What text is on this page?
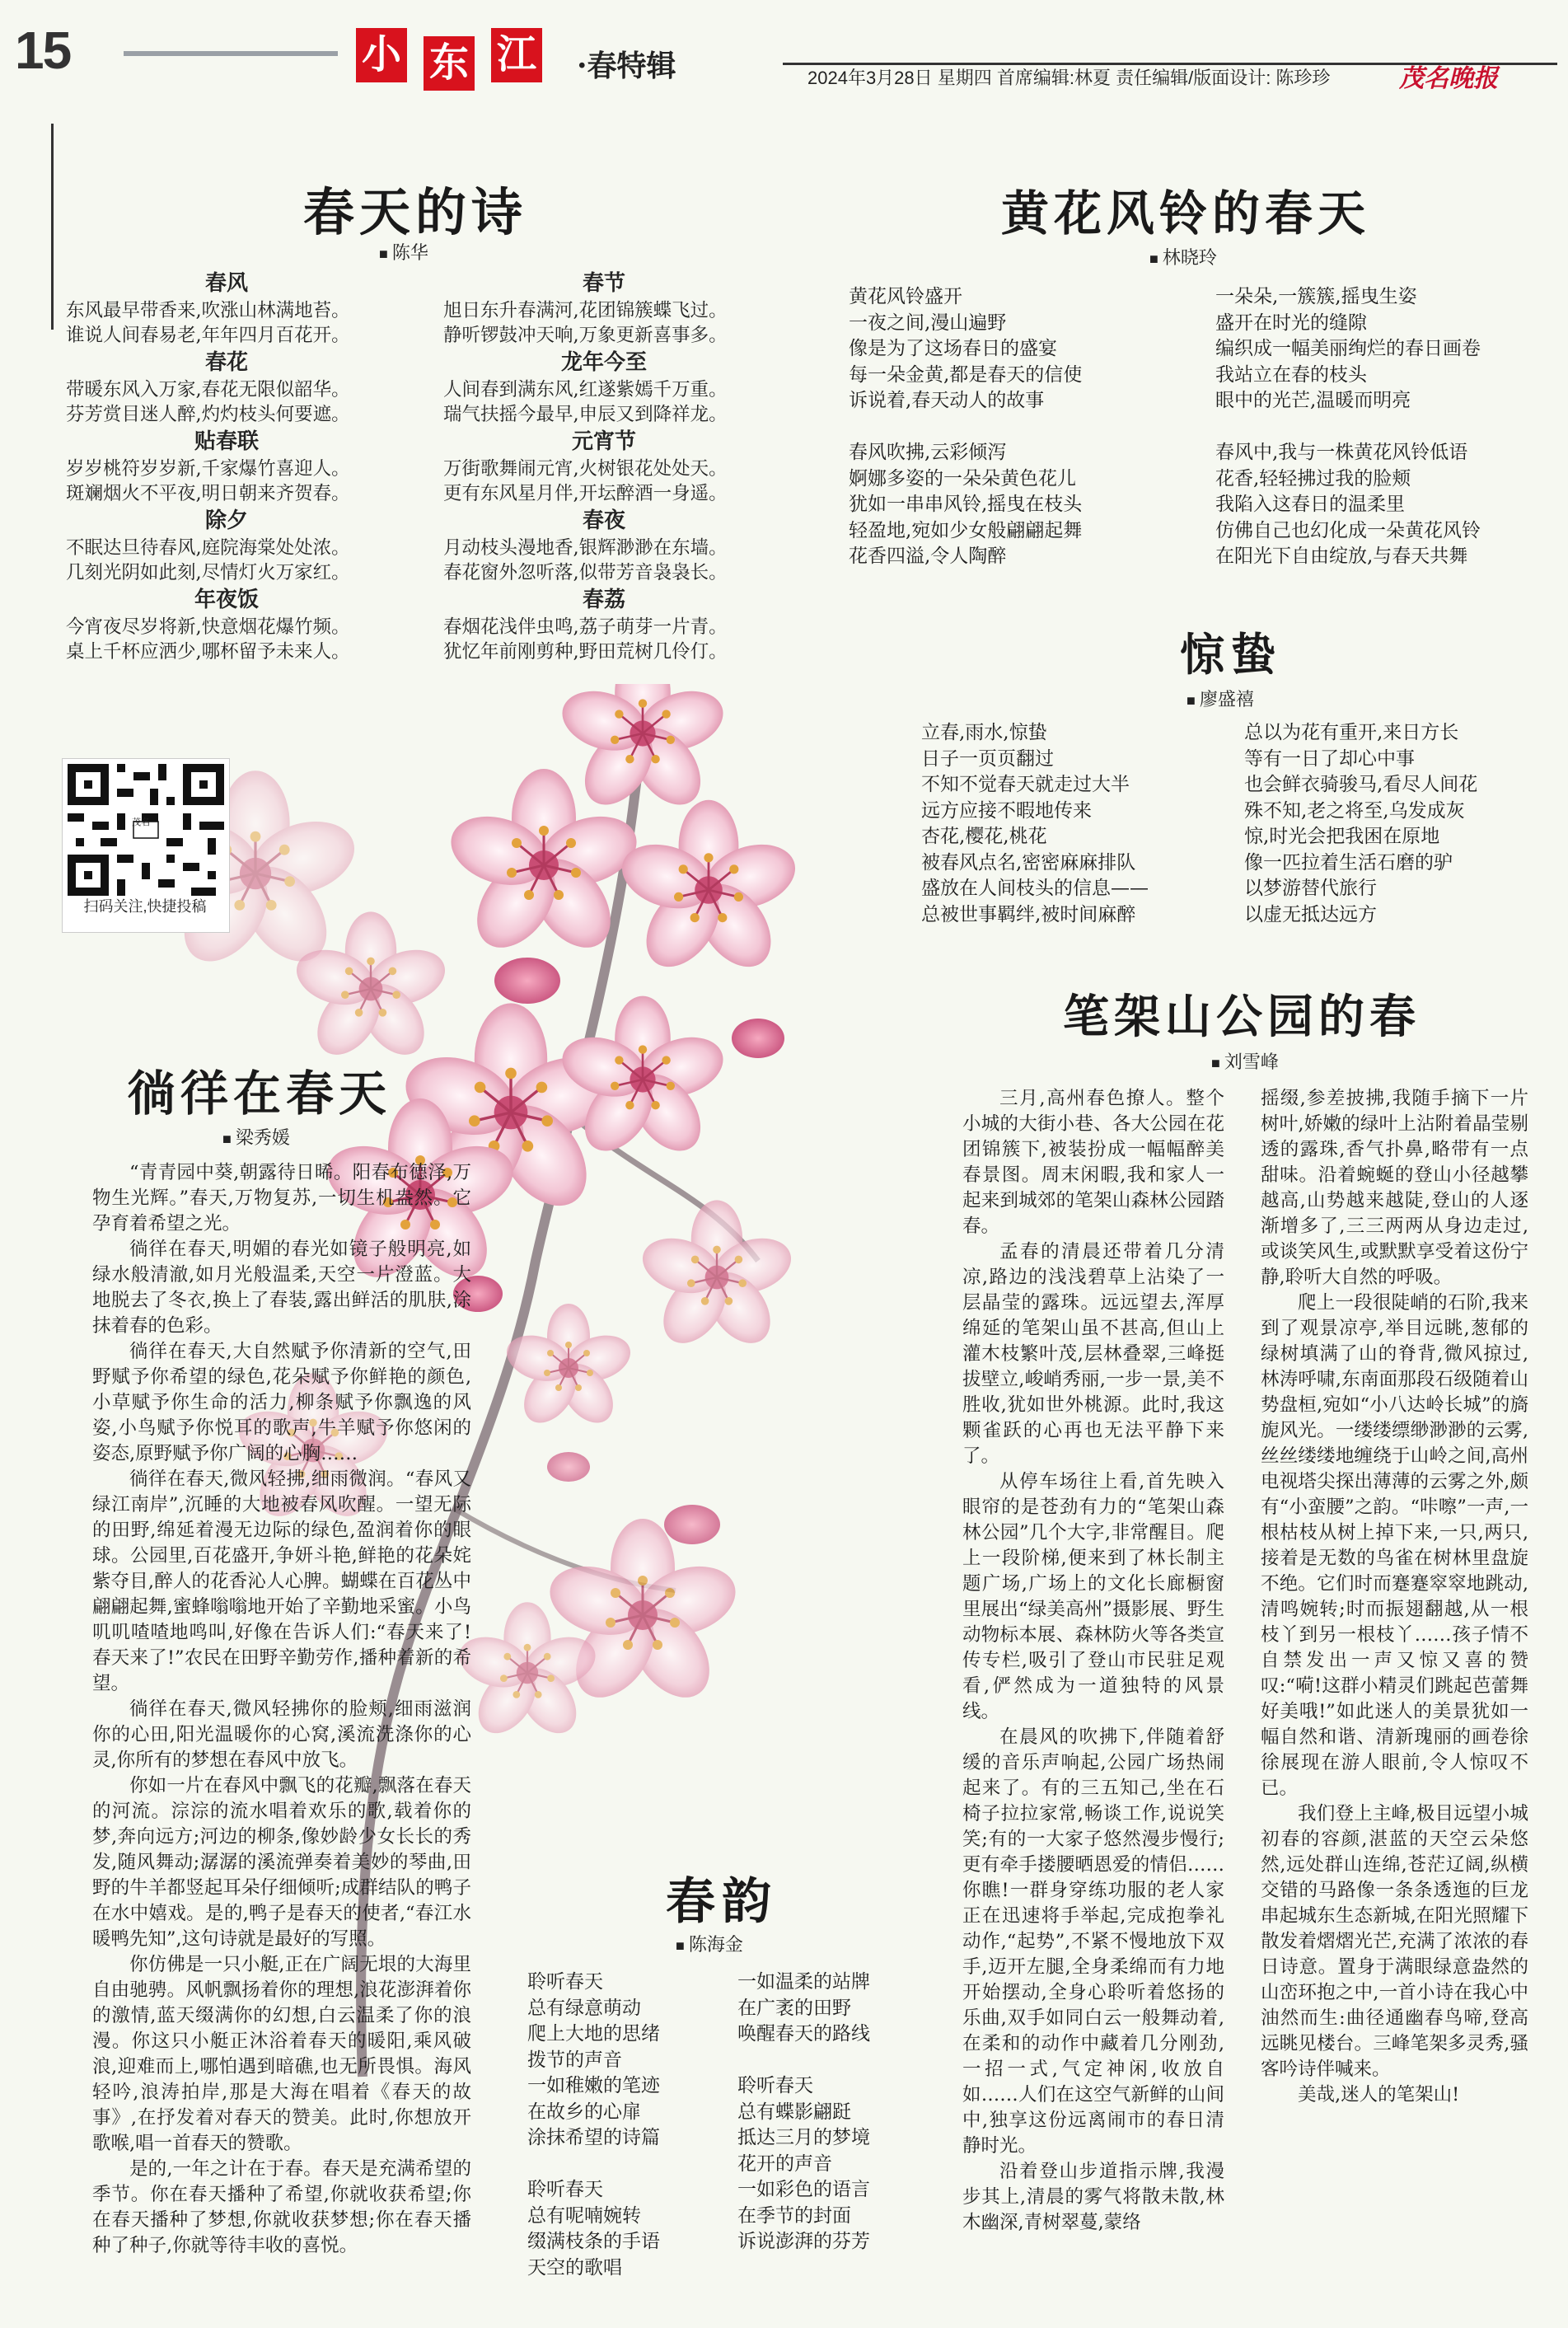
15	小 东 江 ·春特辑	2024年3月28日 星期四 首席编辑:林夏 责任编辑/版面设计: 陈珍珍	茂名晚报
茂名
扫码关注,快捷投稿
春天的诗
■ 陈华
春风
东风最早带香来,吹涨山林满地苔。
谁说人间春易老,年年四月百花开。
春花
带暖东风入万家,春花无限似韶华。
芬芳赏目迷人醉,灼灼枝头何要遮。
贴春联
岁岁桃符岁岁新,千家爆竹喜迎人。
斑斓烟火不平夜,明日朝来齐贺春。
除夕
不眠达旦待春风,庭院海棠处处浓。
几刻光阴如此刻,尽情灯火万家红。
年夜饭
今宵夜尽岁将新,快意烟花爆竹频。
桌上千杯应洒少,哪杯留予未来人。
春节
旭日东升春满河,花团锦簇蝶飞过。
静听锣鼓冲天响,万象更新喜事多。
龙年今至
人间春到满东风,红遂紫嫣千万重。
瑞气扶摇今最早,申辰又到降祥龙。
元宵节
万街歌舞闹元宵,火树银花处处天。
更有东风星月伴,开坛醉酒一身遥。
春夜
月动枝头漫地香,银辉渺渺在东墙。
春花窗外忽听落,似带芳音袅袅长。
春荔
春烟花浅伴虫鸣,荔子萌芽一片青。
犹忆年前刚剪种,野田荒树几伶仃。
黄花风铃的春天
■ 林晓玲
黄花风铃盛开
一夜之间,漫山遍野
像是为了这场春日的盛宴
每一朵金黄,都是春天的信使
诉说着,春天动人的故事
春风吹拂,云彩倾泻
婀娜多姿的一朵朵黄色花儿
犹如一串串风铃,摇曳在枝头
轻盈地,宛如少女般翩翩起舞
花香四溢,令人陶醉
一朵朵,一簇簇,摇曳生姿
盛开在时光的缝隙
编织成一幅美丽绚烂的春日画卷
我站立在春的枝头
眼中的光芒,温暖而明亮
春风中,我与一株黄花风铃低语
花香,轻轻拂过我的脸颊
我陷入这春日的温柔里
仿佛自己也幻化成一朵黄花风铃
在阳光下自由绽放,与春天共舞
惊蛰
■ 廖盛禧
立春,雨水,惊蛰
日子一页页翻过
不知不觉春天就走过大半
远方应接不暇地传来
杏花,樱花,桃花
被春风点名,密密麻麻排队
盛放在人间枝头的信息——
总被世事羁绊,被时间麻醉
总以为花有重开,来日方长
等有一日了却心中事
也会鲜衣骑骏马,看尽人间花
殊不知,老之将至,乌发成灰
惊,时光会把我困在原地
像一匹拉着生活石磨的驴
以梦游替代旅行
以虚无抵达远方
笔架山公园的春
■ 刘雪峰

三月,高州春色撩人。整个小城的大街小巷、各大公园在花团锦簇下,被装扮成一幅幅醉美春景图。周末闲暇,我和家人一起来到城郊的笔架山森林公园踏春。

孟春的清晨还带着几分清凉,路边的浅浅碧草上沾染了一层晶莹的露珠。远远望去,浑厚绵延的笔架山虽不甚高,但山上灌木枝繁叶茂,层林叠翠,三峰挺拔壁立,峻峭秀丽,一步一景,美不胜收,犹如世外桃源。此时,我这颗雀跃的心再也无法平静下来了。

从停车场往上看,首先映入眼帘的是苍劲有力的“笔架山森林公园”几个大字,非常醒目。爬上一段阶梯,便来到了林长制主题广场,广场上的文化长廊橱窗里展出“绿美高州”摄影展、野生动物标本展、森林防火等各类宣传专栏,吸引了登山市民驻足观看,俨然成为一道独特的风景线。

在晨风的吹拂下,伴随着舒缓的音乐声响起,公园广场热闹起来了。有的三五知己,坐在石椅子拉拉家常,畅谈工作,说说笑笑;有的一大家子悠然漫步慢行;更有牵手搂腰晒恩爱的情侣……你瞧!一群身穿练功服的老人家正在迅速将手举起,完成抱拳礼动作,“起势”,不紧不慢地放下双手,迈开左腿,全身柔绵而有力地开始摆动,全身心聆听着悠扬的乐曲,双手如同白云一般舞动着,在柔和的动作中藏着几分刚劲,一招一式,气定神闲,收放自如……人们在这空气新鲜的山间中,独享这份远离闹市的春日清静时光。

沿着登山步道指示牌,我漫步其上,清晨的雾气将散未散,林木幽深,青树翠蔓,蒙络

摇缀,参差披拂,我随手摘下一片树叶,娇嫩的绿叶上沾附着晶莹剔透的露珠,香气扑鼻,略带有一点甜味。沿着蜿蜒的登山小径越攀越高,山势越来越陡,登山的人逐渐增多了,三三两两从身边走过,或谈笑风生,或默默享受着这份宁静,聆听大自然的呼吸。

爬上一段很陡峭的石阶,我来到了观景凉亭,举目远眺,葱郁的绿树填满了山的脊背,微风掠过,林涛呼啸,东南面那段石级随着山势盘桓,宛如“小八达岭长城”的旖旎风光。一缕缕缥缈渺渺的云雾,丝丝缕缕地缠绕于山岭之间,高州电视塔尖探出薄薄的云雾之外,颇有“小蛮腰”之韵。“咔嚓”一声,一根枯枝从树上掉下来,一只,两只,接着是无数的鸟雀在树林里盘旋不绝。它们时而蹇蹇窣窣地跳动,清鸣婉转;时而振翅翻越,从一根枝丫到另一根枝丫……孩子情不自禁发出一声又惊又喜的赞叹:“嗬!这群小精灵们跳起芭蕾舞好美哦!”如此迷人的美景犹如一幅自然和谐、清新瑰丽的画卷徐徐展现在游人眼前,令人惊叹不已。

我们登上主峰,极目远望小城初春的容颜,湛蓝的天空云朵悠然,远处群山连绵,苍茫辽阔,纵横交错的马路像一条条透迤的巨龙串起城东生态新城,在阳光照耀下散发着熠熠光芒,充满了浓浓的春日诗意。置身于满眼绿意盎然的山峦环抱之中,一首小诗在我心中油然而生:曲径通幽春鸟啼,登高远眺见楼台。三峰笔架多灵秀,骚客吟诗伴喊来。

美哉,迷人的笔架山!

徜徉在春天
■ 梁秀媛

“青青园中葵,朝露待日晞。阳春布德泽,万物生光辉。”春天,万物复苏,一切生机盎然。它孕育着希望之光。

徜徉在春天,明媚的春光如镜子般明亮,如绿水般清澈,如月光般温柔,天空一片澄蓝。大地脱去了冬衣,换上了春装,露出鲜活的肌肤,涂抹着春的色彩。

徜徉在春天,大自然赋予你清新的空气,田野赋予你希望的绿色,花朵赋予你鲜艳的颜色,小草赋予你生命的活力,柳条赋予你飘逸的风姿,小鸟赋予你悦耳的歌声,牛羊赋予你悠闲的姿态,原野赋予你广阔的心胸……

徜徉在春天,微风轻拂,细雨微润。“春风又绿江南岸”,沉睡的大地被春风吹醒。一望无际的田野,绵延着漫无边际的绿色,盈润着你的眼球。公园里,百花盛开,争妍斗艳,鲜艳的花朵姹紫夺目,醉人的花香沁人心脾。蝴蝶在百花丛中翩翩起舞,蜜蜂嗡嗡地开始了辛勤地采蜜。小鸟叽叽喳喳地鸣叫,好像在告诉人们:“春天来了!春天来了!”农民在田野辛勤劳作,播种着新的希望。

徜徉在春天,微风轻拂你的脸颊,细雨滋润你的心田,阳光温暖你的心窝,溪流洗涤你的心灵,你所有的梦想在春风中放飞。

你如一片在春风中飘飞的花瓣,飘落在春天的河流。淙淙的流水唱着欢乐的歌,载着你的梦,奔向远方;河边的柳条,像妙龄少女长长的秀发,随风舞动;潺潺的溪流弹奏着美妙的琴曲,田野的牛羊都竖起耳朵仔细倾听;成群结队的鸭子在水中嬉戏。是的,鸭子是春天的使者,“春江水暖鸭先知”,这句诗就是最好的写照。

你仿佛是一只小艇,正在广阔无垠的大海里自由驰骋。风帆飘扬着你的理想,浪花澎湃着你的激情,蓝天缀满你的幻想,白云温柔了你的浪漫。你这只小艇正沐浴着春天的暖阳,乘风破浪,迎难而上,哪怕遇到暗礁,也无所畏惧。海风轻吟,浪涛拍岸,那是大海在唱着《春天的故事》,在抒发着对春天的赞美。此时,你想放开歌喉,唱一首春天的赞歌。

是的,一年之计在于春。春天是充满希望的季节。你在春天播种了希望,你就收获希望;你在春天播种了梦想,你就收获梦想;你在春天播种了种子,你就等待丰收的喜悦。

春韵
■ 陈海金
聆听春天
总有绿意萌动
爬上大地的思绪
拨节的声音
一如稚嫩的笔迹
在故乡的心扉
涂抹希望的诗篇
聆听春天
总有呢喃婉转
缀满枝条的手语
天空的歌唱
一如温柔的站牌
在广袤的田野
唤醒春天的路线
聆听春天
总有蝶影翩跹
抵达三月的梦境
花开的声音
一如彩色的语言
在季节的封面
诉说澎湃的芬芳
